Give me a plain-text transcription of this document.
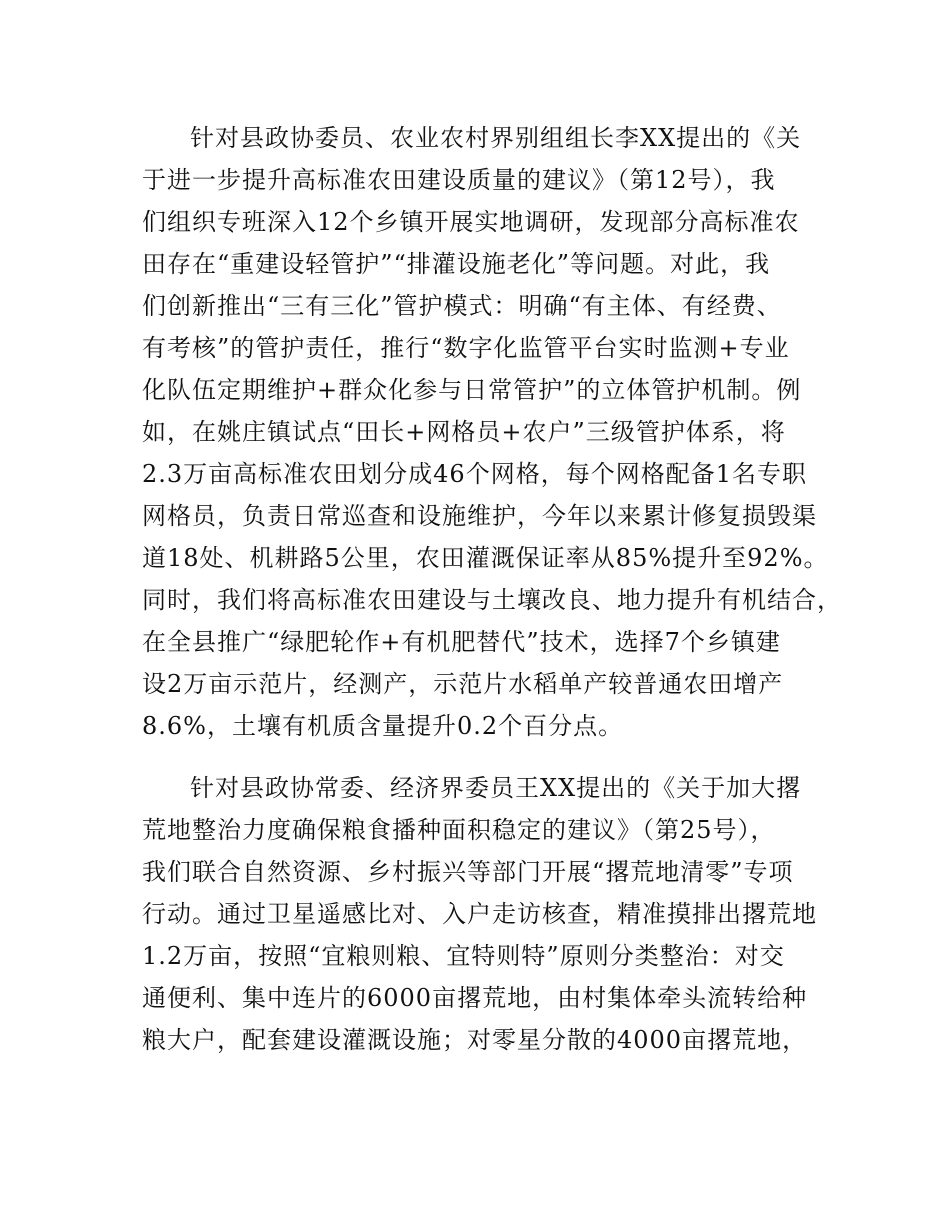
针对县政协委员、农业农村界别组组长李XX提出的《关
于进一步提升高标准农田建设质量的建议》（第12号），我
们组织专班深入12个乡镇开展实地调研，发现部分高标准农
田存在“重建设轻管护”“排灌设施老化”等问题。对此，我
们创新推出“三有三化”管护模式：明确“有主体、有经费、
有考核”的管护责任，推行“数字化监管平台实时监测+专业
化队伍定期维护+群众化参与日常管护”的立体管护机制。例
如，在姚庄镇试点“田长+网格员+农户”三级管护体系，将
2.3万亩高标准农田划分成46个网格，每个网格配备1名专职
网格员，负责日常巡查和设施维护，今年以来累计修复损毁渠
道18处、机耕路5公里，农田灌溉保证率从85%提升至92%。
同时，我们将高标准农田建设与土壤改良、地力提升有机结合，
在全县推广“绿肥轮作+有机肥替代”技术，选择7个乡镇建
设2万亩示范片，经测产，示范片水稻单产较普通农田增产
8.6%，土壤有机质含量提升0.2个百分点。
针对县政协常委、经济界委员王XX提出的《关于加大撂
荒地整治力度确保粮食播种面积稳定的建议》（第25号），
我们联合自然资源、乡村振兴等部门开展“撂荒地清零”专项
行动。通过卫星遥感比对、入户走访核查，精准摸排出撂荒地
1.2万亩，按照“宜粮则粮、宜特则特”原则分类整治：对交
通便利、集中连片的6000亩撂荒地，由村集体牵头流转给种
粮大户，配套建设灌溉设施；对零星分散的4000亩撂荒地，
